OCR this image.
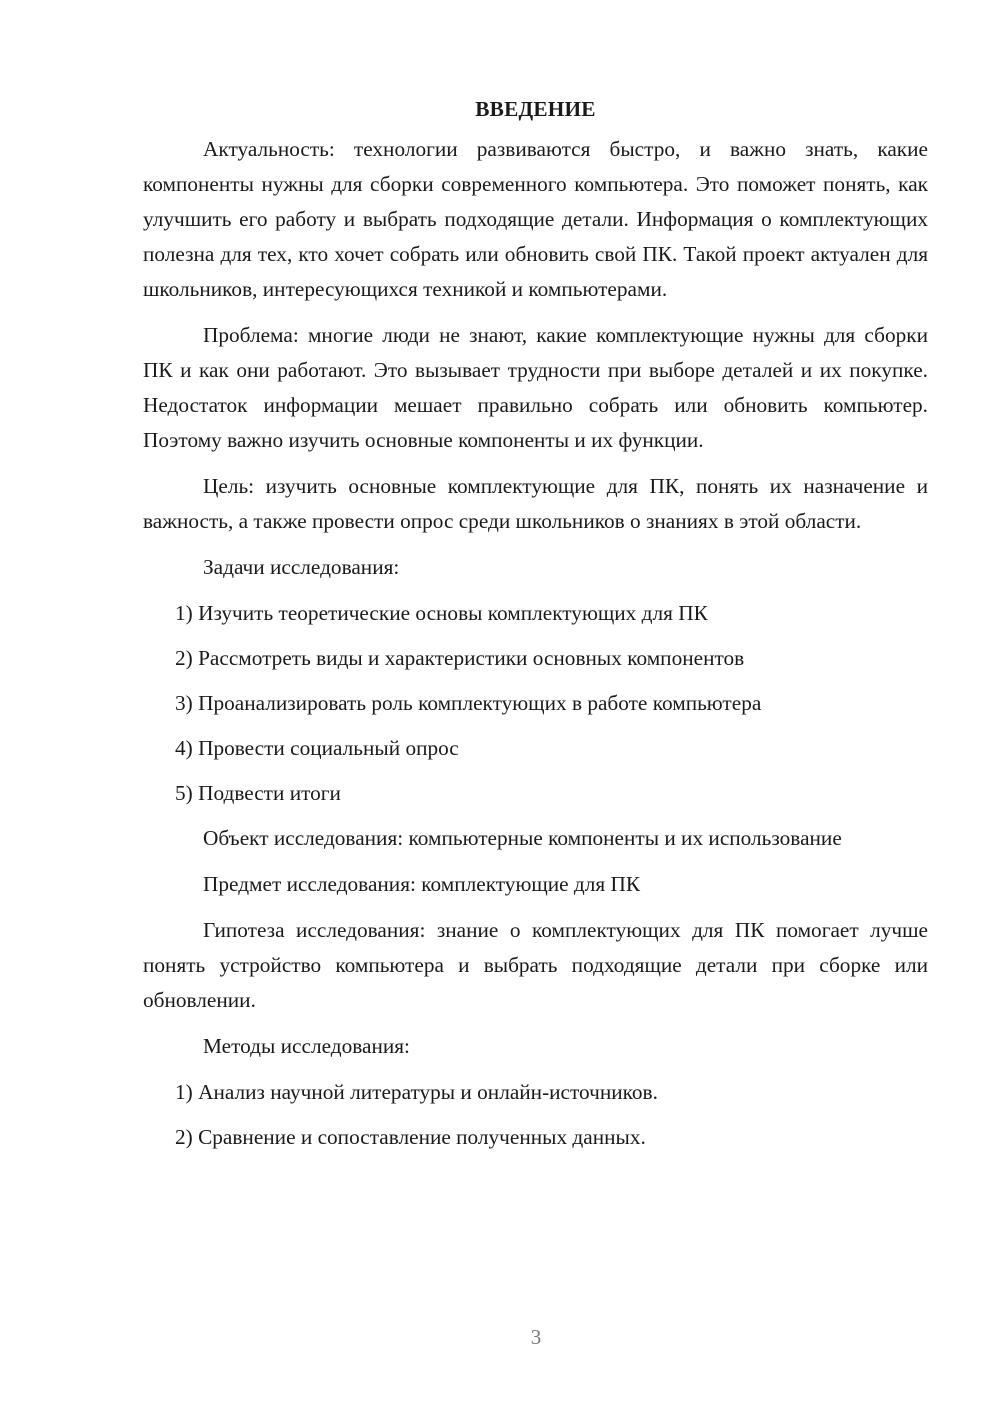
ВВЕДЕНИЕ

Актуальность: технологии развиваются быстро, и важно знать, какие компоненты нужны для сборки современного компьютера. Это поможет понять, как улучшить его работу и выбрать подходящие детали. Информация о комплектующих полезна для тех, кто хочет собрать или обновить свой ПК. Такой проект актуален для школьников, интересующихся техникой и компьютерами.

Проблема: многие люди не знают, какие комплектующие нужны для сборки ПК и как они работают. Это вызывает трудности при выборе деталей и их покупке. Недостаток информации мешает правильно собрать или обновить компьютер. Поэтому важно изучить основные компоненты и их функции.

Цель: изучить основные комплектующие для ПК, понять их назначение и важность, а также провести опрос среди школьников о знаниях в этой области.

Задачи исследования:

1) Изучить теоретические основы комплектующих для ПК

2) Рассмотреть виды и характеристики основных компонентов

3) Проанализировать роль комплектующих в работе компьютера

4) Провести социальный опрос

5) Подвести итоги

Объект исследования: компьютерные компоненты и их использование

Предмет исследования: комплектующие для ПК

Гипотеза исследования: знание о комплектующих для ПК помогает лучше понять устройство компьютера и выбрать подходящие детали при сборке или обновлении.

Методы исследования:

1) Анализ научной литературы и онлайн-источников.

2) Сравнение и сопоставление полученных данных.

3
